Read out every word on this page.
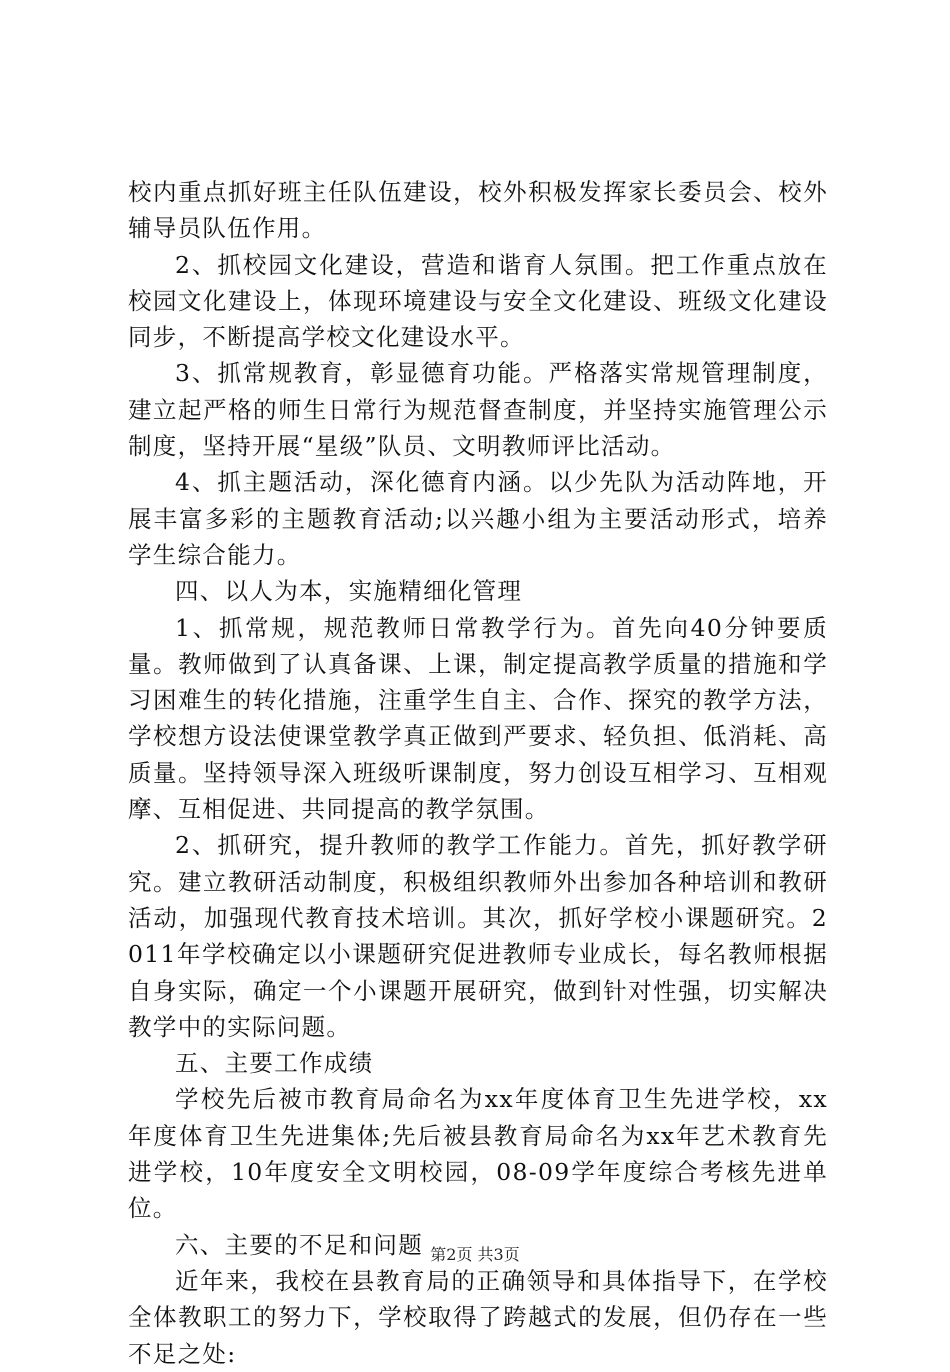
校内重点抓好班主任队伍建设，校外积极发挥家长委员会、校外辅导员队伍作用。

2、抓校园文化建设，营造和谐育人氛围。把工作重点放在校园文化建设上，体现环境建设与安全文化建设、班级文化建设同步，不断提高学校文化建设水平。

3、抓常规教育，彰显德育功能。严格落实常规管理制度，建立起严格的师生日常行为规范督查制度，并坚持实施管理公示制度，坚持开展“星级”队员、文明教师评比活动。

4、抓主题活动，深化德育内涵。以少先队为活动阵地，开展丰富多彩的主题教育活动;以兴趣小组为主要活动形式，培养学生综合能力。

四、以人为本，实施精细化管理

1、抓常规，规范教师日常教学行为。首先向40分钟要质量。教师做到了认真备课、上课，制定提高教学质量的措施和学习困难生的转化措施，注重学生自主、合作、探究的教学方法，学校想方设法使课堂教学真正做到严要求、轻负担、低消耗、高质量。坚持领导深入班级听课制度，努力创设互相学习、互相观摩、互相促进、共同提高的教学氛围。

2、抓研究，提升教师的教学工作能力。首先，抓好教学研究。建立教研活动制度，积极组织教师外出参加各种培训和教研活动，加强现代教育技术培训。其次，抓好学校小课题研究。2011年学校确定以小课题研究促进教师专业成长，每名教师根据自身实际，确定一个小课题开展研究，做到针对性强，切实解决教学中的实际问题。

五、主要工作成绩

学校先后被市教育局命名为xx年度体育卫生先进学校，xx年度体育卫生先进集体;先后被县教育局命名为xx年艺术教育先进学校，10年度安全文明校园，08-09学年度综合考核先进单位。

六、主要的不足和问题

近年来，我校在县教育局的正确领导和具体指导下，在学校全体教职工的努力下，学校取得了跨越式的发展，但仍存在一些不足之处:

第2页 共3页
